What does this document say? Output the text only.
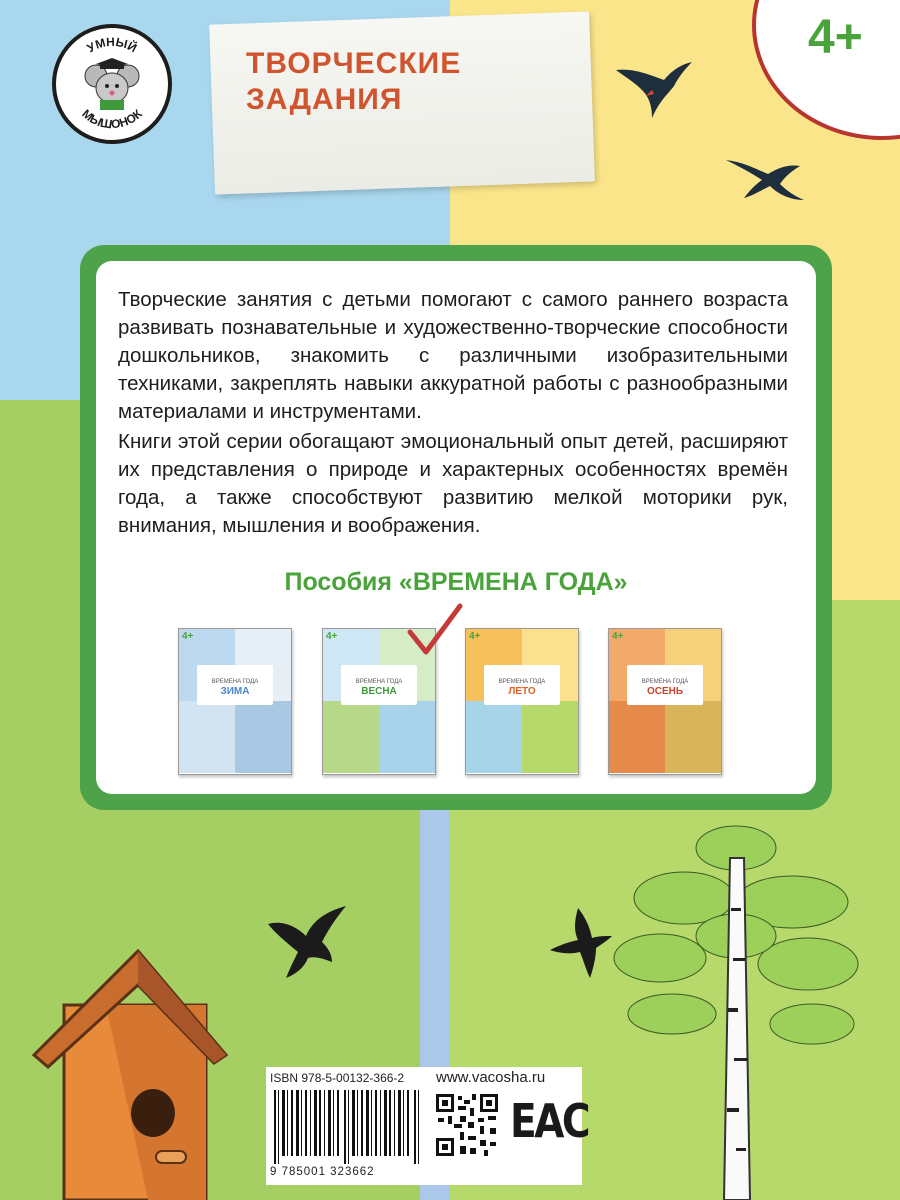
УМНЫЙ
МЫШОНОК
ТВОРЧЕСКИЕ
ЗАДАНИЯ
4+
Творческие занятия с детьми помогают с самого раннего возраста развивать познавательные и художественно-творческие способности дошкольников, знакомить с различными изобразительными техниками, закреплять навыки аккуратной работы с разнообразными материалами и инструментами.
Книги этой серии обогащают эмоциональный опыт детей, расширяют их представления о природе и характерных особенностях времён года, а также способствуют развитию мелкой моторики рук, внимания, мышления и воображения.
Пособия «ВРЕМЕНА ГОДА»
4+
ВРЕМЕНА ГОДА
ЗИМА
4+
ВРЕМЕНА ГОДА
ВЕСНА
4+
ВРЕМЕНА ГОДА
ЛЕТО
4+
ВРЕМЕНА ГОДА
ОСЕНЬ
ISBN 978-5-00132-366-2
9 785001 323662
www.vacosha.ru
EAC
